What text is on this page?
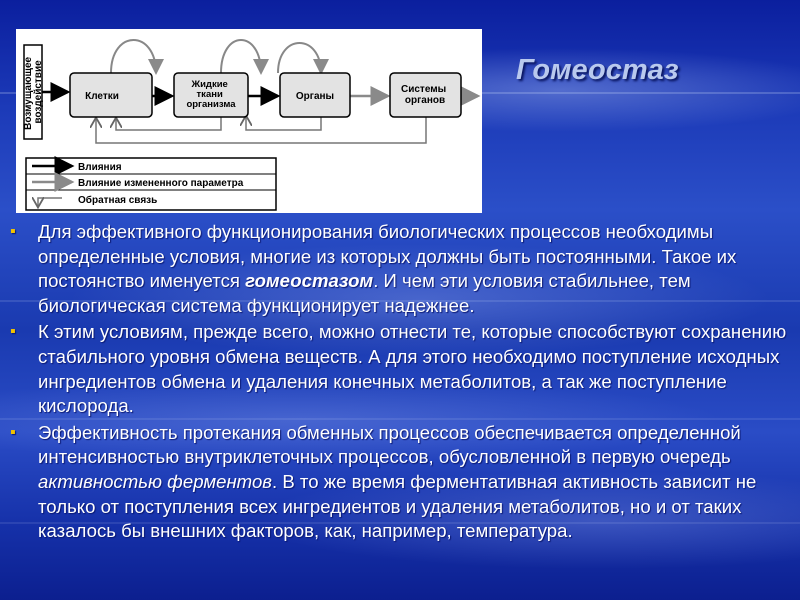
Гомеостаз
Возмущающее воздействие	Клетки
Жидкие ткани организма
Органы
Системы органов
Влияния
Влияние измененного параметра
Обратная связь
▪ Для эффективного функционирования биологических процессов необходимы определенные условия, многие из которых должны быть постоянными. Такое их постоянство именуется гомеостазом. И чем эти условия стабильнее, тем биологическая система функционирует надежнее.
▪ К этим условиям, прежде всего, можно отнести те, которые способствуют сохранению стабильного уровня обмена веществ. А для этого необходимо поступление исходных ингредиентов обмена и удаления конечных метаболитов, а так же поступление кислорода.
▪ Эффективность протекания обменных процессов обеспечивается определенной интенсивностью внутриклеточных процессов, обусловленной в первую очередь активностью ферментов. В то же время ферментативная активность зависит не только от поступления всех ингредиентов и удаления метаболитов, но и от таких казалось бы внешних факторов, как, например, температура.
